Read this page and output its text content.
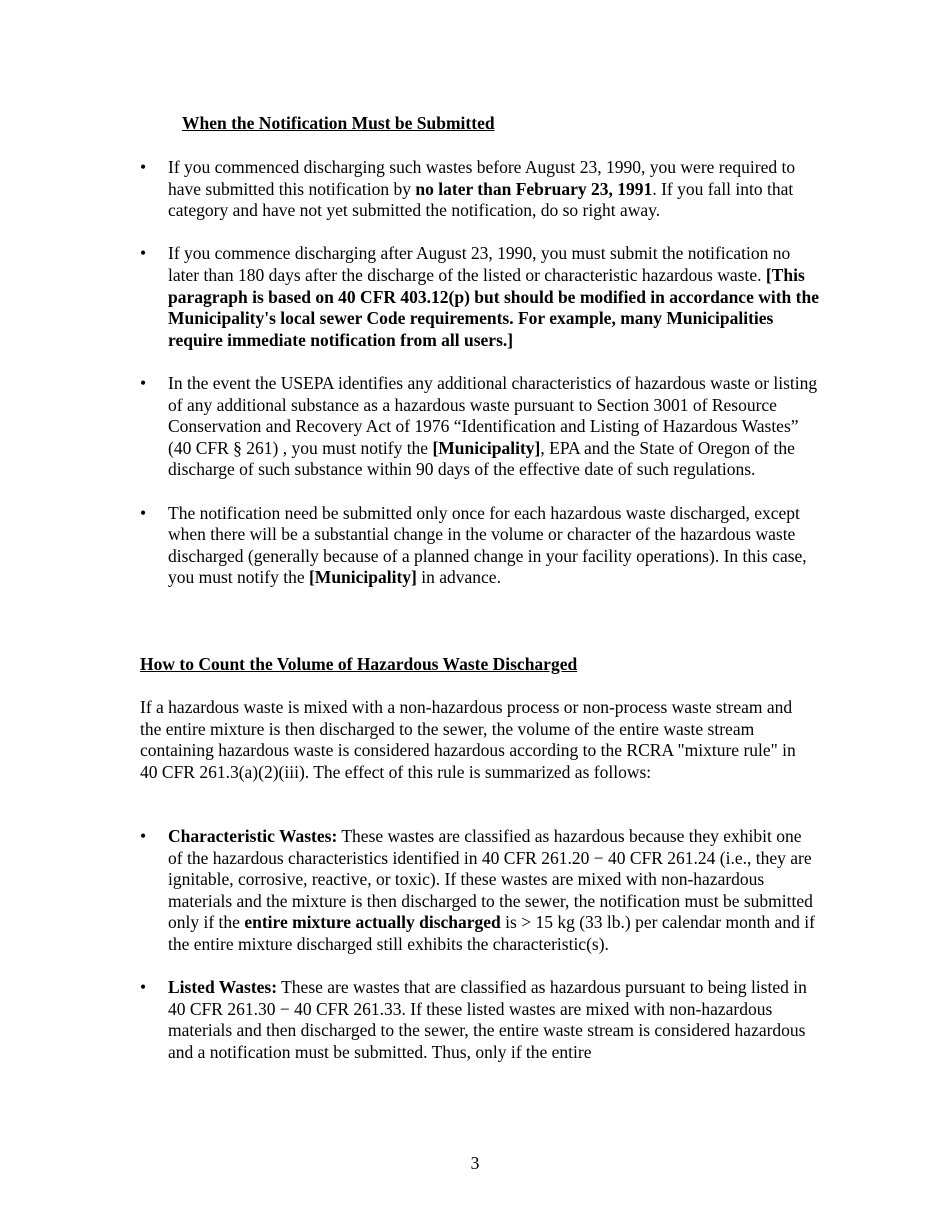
When the Notification Must be Submitted
• If you commenced discharging such wastes before August 23, 1990, you were required to have submitted this notification by no later than February 23, 1991. If you fall into that category and have not yet submitted the notification, do so right away.
• If you commence discharging after August 23, 1990, you must submit the notification no later than 180 days after the discharge of the listed or characteristic hazardous waste. [This paragraph is based on 40 CFR 403.12(p) but should be modified in accordance with the Municipality's local sewer Code requirements. For example, many Municipalities require immediate notification from all users.]
• In the event the USEPA identifies any additional characteristics of hazardous waste or listing of any additional substance as a hazardous waste pursuant to Section 3001 of Resource Conservation and Recovery Act of 1976 “Identification and Listing of Hazardous Wastes” (40 CFR § 261) , you must notify the [Municipality], EPA and the State of Oregon of the discharge of such substance within 90 days of the effective date of such regulations.
• The notification need be submitted only once for each hazardous waste discharged, except when there will be a substantial change in the volume or character of the hazardous waste discharged (generally because of a planned change in your facility operations). In this case, you must notify the [Municipality] in advance.
How to Count the Volume of Hazardous Waste Discharged

If a hazardous waste is mixed with a non-hazardous process or non-process waste stream and the entire mixture is then discharged to the sewer, the volume of the entire waste stream containing hazardous waste is considered hazardous according to the RCRA "mixture rule" in 40 CFR 261.3(a)(2)(iii). The effect of this rule is summarized as follows:

• Characteristic Wastes: These wastes are classified as hazardous because they exhibit one of the hazardous characteristics identified in 40 CFR 261.20 − 40 CFR 261.24 (i.e., they are ignitable, corrosive, reactive, or toxic). If these wastes are mixed with non-hazardous materials and the mixture is then discharged to the sewer, the notification must be submitted only if the entire mixture actually discharged is > 15 kg (33 lb.) per calendar month and if the entire mixture discharged still exhibits the characteristic(s).
• Listed Wastes: These are wastes that are classified as hazardous pursuant to being listed in 40 CFR 261.30 − 40 CFR 261.33. If these listed wastes are mixed with non-hazardous materials and then discharged to the sewer, the entire waste stream is considered hazardous and a notification must be submitted. Thus, only if the entire
3
